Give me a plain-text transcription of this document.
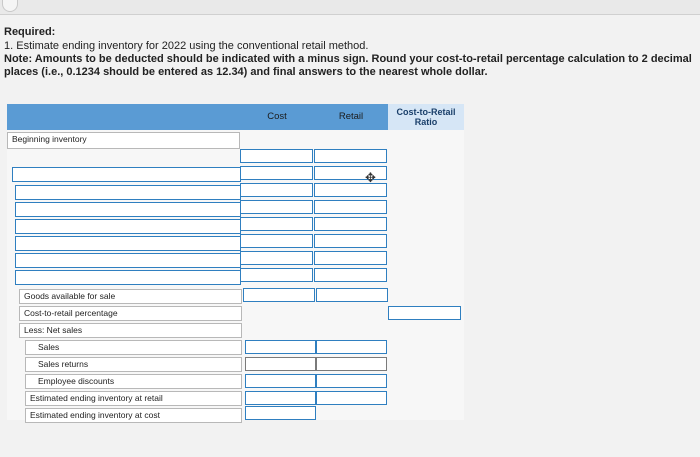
Required:
1. Estimate ending inventory for 2022 using the conventional retail method.
Note: Amounts to be deducted should be indicated with a minus sign. Round your cost-to-retail percentage calculation to 2 decimal places (i.e., 0.1234 should be entered as 12.34) and final answers to the nearest whole dollar.
Cost	Retail	Cost-to-Retail Ratio
Beginning inventory
Goods available for sale
Cost-to-retail percentage
Less: Net sales
Sales
Sales returns
Employee discounts
Estimated ending inventory at retail
Estimated ending inventory at cost
✥
